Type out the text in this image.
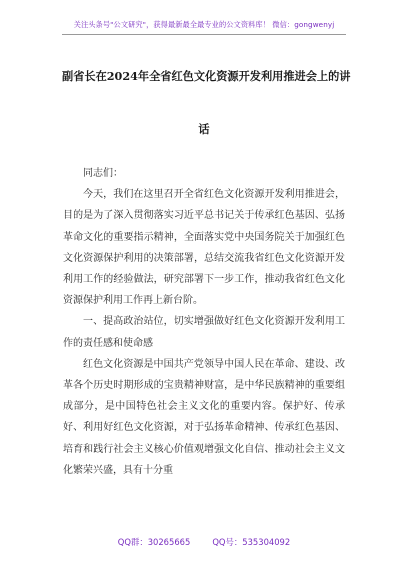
关注头条号"公文研究"，获得最新最全最专业的公文资料库！ 微信：gongwenyj
副省长在2024年全省红色文化资源开发利用推进会上的讲
话

同志们：

今天，我们在这里召开全省红色文化资源开发利用推进会，目的是为了深入贯彻落实习近平总书记关于传承红色基因、弘扬革命文化的重要指示精神，全面落实党中央国务院关于加强红色文化资源保护利用的决策部署，总结交流我省红色文化资源开发利用工作的经验做法，研究部署下一步工作，推动我省红色文化资源保护利用工作再上新台阶。

一、提高政治站位，切实增强做好红色文化资源开发利用工作的责任感和使命感

红色文化资源是中国共产党领导中国人民在革命、建设、改革各个历史时期形成的宝贵精神财富，是中华民族精神的重要组成部分，是中国特色社会主义文化的重要内容。保护好、传承好、利用好红色文化资源，对于弘扬革命精神、传承红色基因、培育和践行社会主义核心价值观增强文化自信、推动社会主义文化繁荣兴盛，具有十分重

QQ群：30265665	QQ号：535304092
